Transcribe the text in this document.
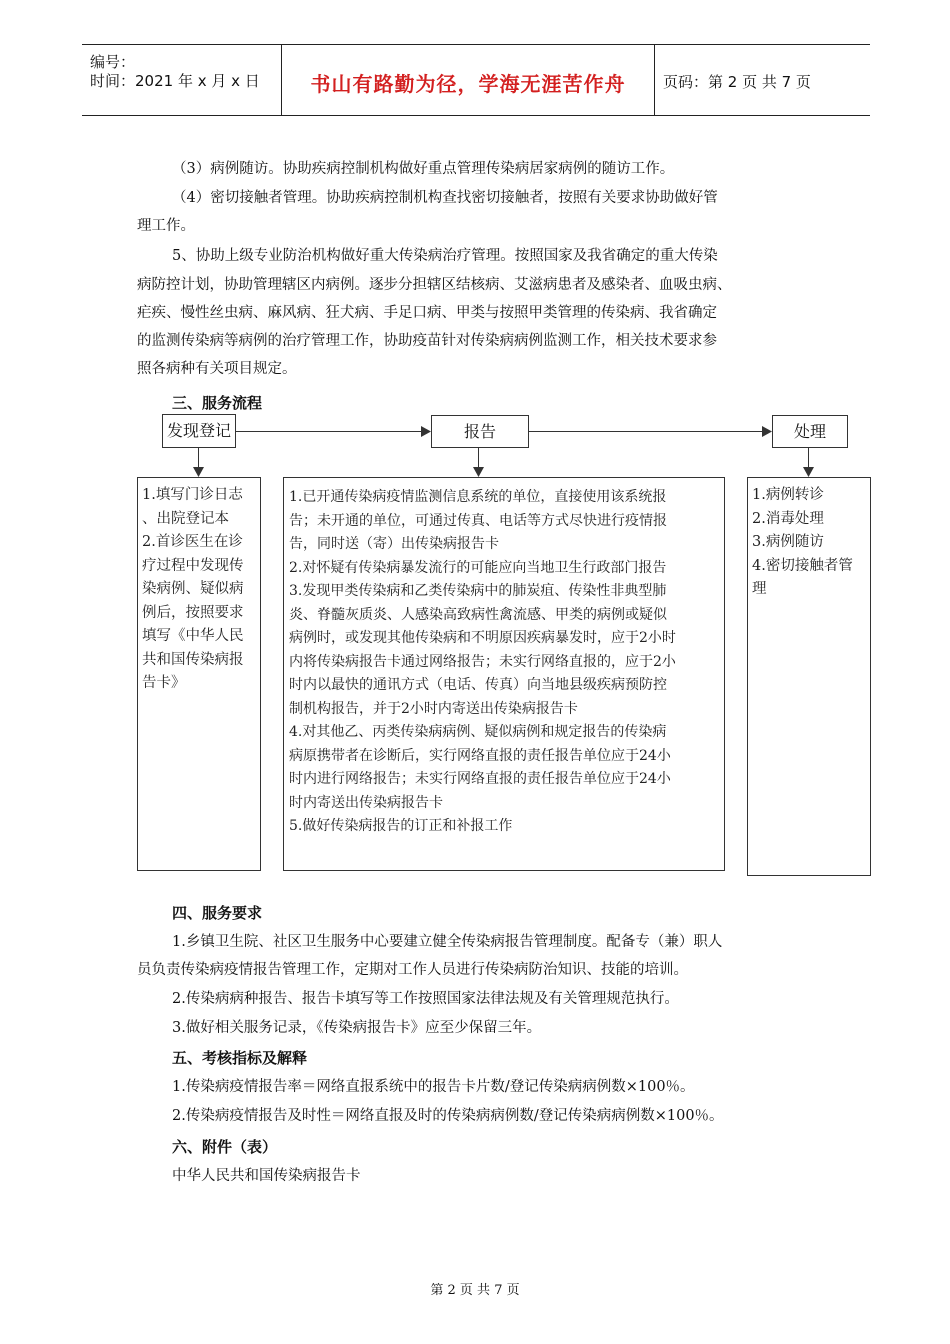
编号：
时间：2021 年 x 月 x 日	书山有路勤为径，学海无涯苦作舟	页码：第 2 页 共 7 页
（3）病例随访。协助疾病控制机构做好重点管理传染病居家病例的随访工作。
（4）密切接触者管理。协助疾病控制机构查找密切接触者，按照有关要求协助做好管
理工作。
5、协助上级专业防治机构做好重大传染病治疗管理。按照国家及我省确定的重大传染
病防控计划，协助管理辖区内病例。逐步分担辖区结核病、艾滋病患者及感染者、血吸虫病、
疟疾、慢性丝虫病、麻风病、狂犬病、手足口病、甲类与按照甲类管理的传染病、我省确定
的监测传染病等病例的治疗管理工作，协助疫苗针对传染病病例监测工作，相关技术要求参
照各病种有关项目规定。
三、服务流程
发现登记	报告	处理
1.填写门诊日志
、出院登记本
2.首诊医生在诊
疗过程中发现传
染病例、疑似病
例后，按照要求
填写《中华人民
共和国传染病报
告卡》
1.已开通传染病疫情监测信息系统的单位，直接使用该系统报
告；未开通的单位，可通过传真、电话等方式尽快进行疫情报
告，同时送（寄）出传染病报告卡
2.对怀疑有传染病暴发流行的可能应向当地卫生行政部门报告
3.发现甲类传染病和乙类传染病中的肺炭疽、传染性非典型肺
炎、脊髓灰质炎、人感染高致病性禽流感、甲类的病例或疑似
病例时，或发现其他传染病和不明原因疾病暴发时，应于2小时
内将传染病报告卡通过网络报告；未实行网络直报的，应于2小
时内以最快的通讯方式（电话、传真）向当地县级疾病预防控
制机构报告，并于2小时内寄送出传染病报告卡
4.对其他乙、丙类传染病病例、疑似病例和规定报告的传染病
病原携带者在诊断后，实行网络直报的责任报告单位应于24小
时内进行网络报告；未实行网络直报的责任报告单位应于24小
时内寄送出传染病报告卡
5.做好传染病报告的订正和补报工作
1.病例转诊
2.消毒处理
3.病例随访
4.密切接触者管
理
四、服务要求
1.乡镇卫生院、社区卫生服务中心要建立健全传染病报告管理制度。配备专（兼）职人
员负责传染病疫情报告管理工作，定期对工作人员进行传染病防治知识、技能的培训。
2.传染病病种报告、报告卡填写等工作按照国家法律法规及有关管理规范执行。
3.做好相关服务记录，《传染病报告卡》应至少保留三年。
五、考核指标及解释
1.传染病疫情报告率＝网络直报系统中的报告卡片数/登记传染病病例数×100％。
2.传染病疫情报告及时性＝网络直报及时的传染病病例数/登记传染病病例数×100％。
六、附件（表）
中华人民共和国传染病报告卡
第 2 页 共 7 页
